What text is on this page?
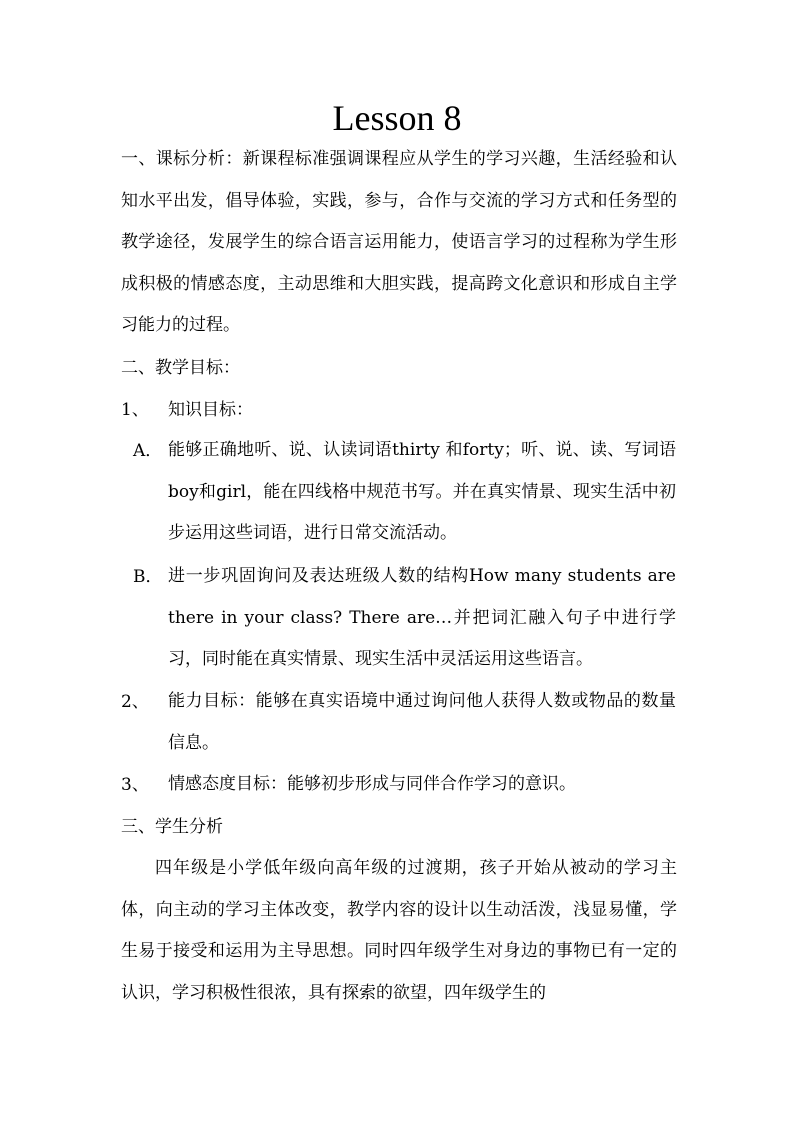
Lesson 8

一、课标分析：新课程标准强调课程应从学生的学习兴趣，生活经验和认知水平出发，倡导体验，实践，参与，合作与交流的学习方式和任务型的教学途径，发展学生的综合语言运用能力，使语言学习的过程称为学生形成积极的情感态度，主动思维和大胆实践，提高跨文化意识和形成自主学习能力的过程。

二、教学目标：
1、 知识目标：
A． 能够正确地听、说、认读词语thirty 和forty；听、说、读、写词语boy和girl，能在四线格中规范书写。并在真实情景、现实生活中初步运用这些词语，进行日常交流活动。

B． 进一步巩固询问及表达班级人数的结构How many students are there in your class? There are…并把词汇融入句子中进行学习，同时能在真实情景、现实生活中灵活运用这些语言。

2、 能力目标：能够在真实语境中通过询问他人获得人数或物品的数量信息。

3、 情感态度目标：能够初步形成与同伴合作学习的意识。

三、学生分析

四年级是小学低年级向高年级的过渡期，孩子开始从被动的学习主体，向主动的学习主体改变，教学内容的设计以生动活泼，浅显易懂，学生易于接受和运用为主导思想。同时四年级学生对身边的事物已有一定的认识，学习积极性很浓，具有探索的欲望，四年级学生的
